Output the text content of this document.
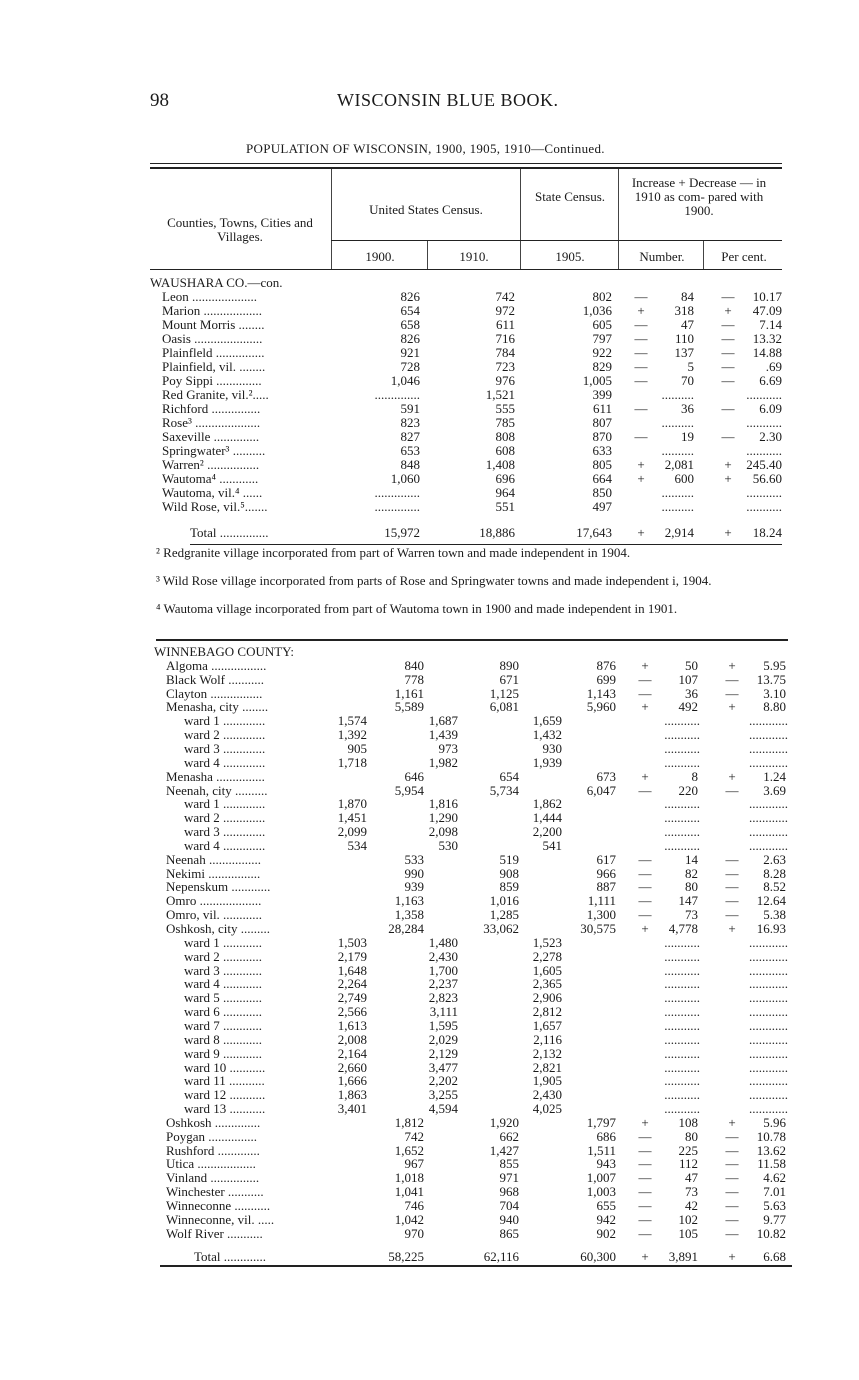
98	WISCONSIN BLUE BOOK.
POPULATION OF WISCONSIN, 1900, 1905, 1910—Continued.
Counties, Towns, Cities and Villages.
United States Census.
State Census.
Increase + Decrease — in 1910 as com- pared with 1900.
1900.	1910.	1905.	Number.	Per cent.
WAUSHARA CO.—con.
Leon ....................	826	742	802 —	84 — 10.17
Marion ..................	654	972	1,036 + 318 + 47.09
Mount Morris ........	658	611	605 —	47 — 7.14
Oasis .....................	826	716	797 — 110 — 13.32
Plainfleld ...............	921	784	922 — 137 — 14.88
Plainfield, vil. ........	728	723	829 —	5 — .69
Poy Sippi ..............	1,046	976	1,005 —	70 — 6.69
Red Granite, vil.².....	..............	1,521	399	..........	...........
Richford ...............	591	555	611 —	36 — 6.09
Rose³ ....................	823	785	807	..........	...........
Saxeville ..............	827	808	870 —	19 — 2.30
Springwater³ ..........	653	608	633	..........	...........
Warren² ................	848	1,408	805 + 2,081 + 245.40
Wautoma⁴ ............	1,060	696	664 + 600 + 56.60
Wautoma, vil.⁴ ......	..............	964	850	..........	...........
Wild Rose, vil.⁵.......	..............	551	497	..........	...........
Total ...............	15,972	18,886	17,643 + 2,914 + 18.24
² Redgranite village incorporated from part of Warren town and made independent in 1904.
³ Wild Rose village incorporated from parts of Rose and Springwater towns and made independent i, 1904.
⁴ Wautoma village incorporated from part of Wautoma town in 1900 and made independent in 1901.
WINNEBAGO COUNTY:
Algoma .................	840	890	876 +	50 + 5.95
Black Wolf ...........	778	671	699 — 107 — 13.75
Clayton ................	1,161	1,125	1,143 —	36 — 3.10
Menasha, city ........	5,589	6,081	5,960 + 492 + 8.80
ward 1 .............	1,574	1,687	1,659	...........	............
ward 2 .............	1,392	1,439	1,432	...........	............
ward 3 .............	905	973	930	...........	............
ward 4 .............	1,718	1,982	1,939	...........	............
Menasha ...............	646	654	673 +	8 + 1.24
Neenah, city ..........	5,954	5,734	6,047 — 220 — 3.69
ward 1 .............	1,870	1,816	1,862	...........	............
ward 2 .............	1,451	1,290	1,444	...........	............
ward 3 .............	2,099	2,098	2,200	...........	............
ward 4 .............	534	530	541	...........	............
Neenah ................	533	519	617 —	14 — 2.63
Nekimi ................	990	908	966 —	82 — 8.28
Nepenskum ............	939	859	887 —	80 — 8.52
Omro ...................	1,163	1,016	1,111 — 147 — 12.64
Omro, vil. ............	1,358	1,285	1,300 —	73 — 5.38
Oshkosh, city .........	28,284	33,062	30,575 + 4,778 + 16.93
ward 1 ............	1,503	1,480	1,523	...........	............
ward 2 ............	2,179	2,430	2,278	...........	............
ward 3 ............	1,648	1,700	1,605	...........	............
ward 4 ............	2,264	2,237	2,365	...........	............
ward 5 ............	2,749	2,823	2,906	...........	............
ward 6 ............	2,566	3,111	2,812	...........	............
ward 7 ............	1,613	1,595	1,657	...........	............
ward 8 ............	2,008	2,029	2,116	...........	............
ward 9 ............	2,164	2,129	2,132	...........	............
ward 10 ...........	2,660	3,477	2,821	...........	............
ward 11 ...........	1,666	2,202	1,905	...........	............
ward 12 ...........	1,863	3,255	2,430	...........	............
ward 13 ...........	3,401	4,594	4,025	...........	............
Oshkosh ..............	1,812	1,920	1,797 + 108 + 5.96
Poygan ...............	742	662	686 —	80 — 10.78
Rushford .............	1,652	1,427	1,511 — 225 — 13.62
Utica ..................	967	855	943 — 112 — 11.58
Vinland ...............	1,018	971	1,007 —	47 — 4.62
Winchester ...........	1,041	968	1,003 —	73 — 7.01
Winneconne ...........	746	704	655 —	42 — 5.63
Winneconne, vil. .....	1,042	940	942 — 102 — 9.77
Wolf River ...........	970	865	902 — 105 — 10.82
Total .............	58,225	62,116	60,300 + 3,891 + 6.68
